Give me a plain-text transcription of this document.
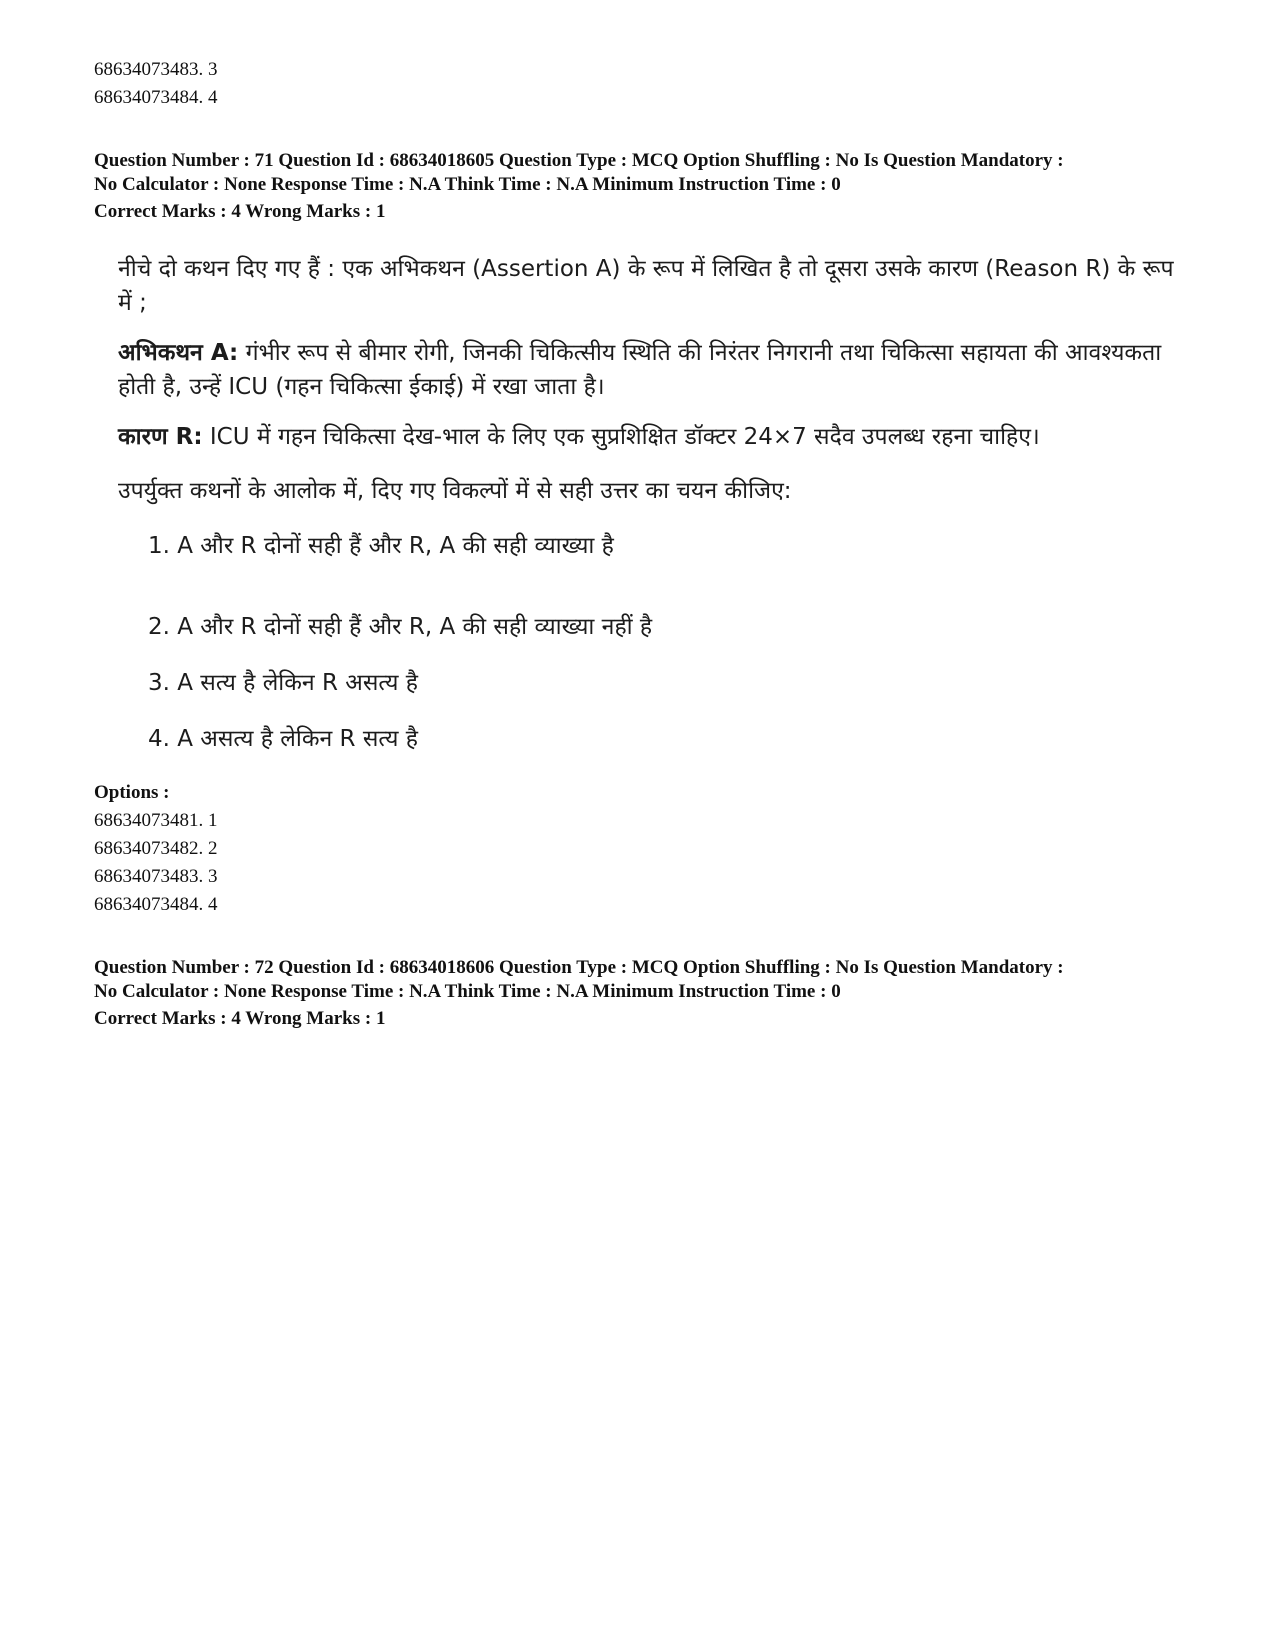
68634073483. 3
68634073484. 4
Question Number : 71 Question Id : 68634018605 Question Type : MCQ Option Shuffling : No Is Question Mandatory :
No Calculator : None Response Time : N.A Think Time : N.A Minimum Instruction Time : 0
Correct Marks : 4 Wrong Marks : 1
नीचे दो कथन दिए गए हैं : एक अभिकथन (Assertion A) के रूप में लिखित है तो दूसरा उसके कारण (Reason R) के रूप में ;
अभिकथन A: गंभीर रूप से बीमार रोगी, जिनकी चिकित्सीय स्थिति की निरंतर निगरानी तथा चिकित्सा सहायता की आवश्यकता होती है, उन्हें ICU (गहन चिकित्सा ईकाई) में रखा जाता है।
कारण R: ICU में गहन चिकित्सा देख-भाल के लिए एक सुप्रशिक्षित डॉक्टर 24×7 सदैव उपलब्ध रहना चाहिए।
उपर्युक्त कथनों के आलोक में, दिए गए विकल्पों में से सही उत्तर का चयन कीजिए:
1. A और R दोनों सही हैं और R, A की सही व्याख्या है
2. A और R दोनों सही हैं और R, A की सही व्याख्या नहीं है
3. A सत्य है लेकिन R असत्य है
4. A असत्य है लेकिन R सत्य है
Options :
68634073481. 1
68634073482. 2
68634073483. 3
68634073484. 4
Question Number : 72 Question Id : 68634018606 Question Type : MCQ Option Shuffling : No Is Question Mandatory :
No Calculator : None Response Time : N.A Think Time : N.A Minimum Instruction Time : 0
Correct Marks : 4 Wrong Marks : 1
